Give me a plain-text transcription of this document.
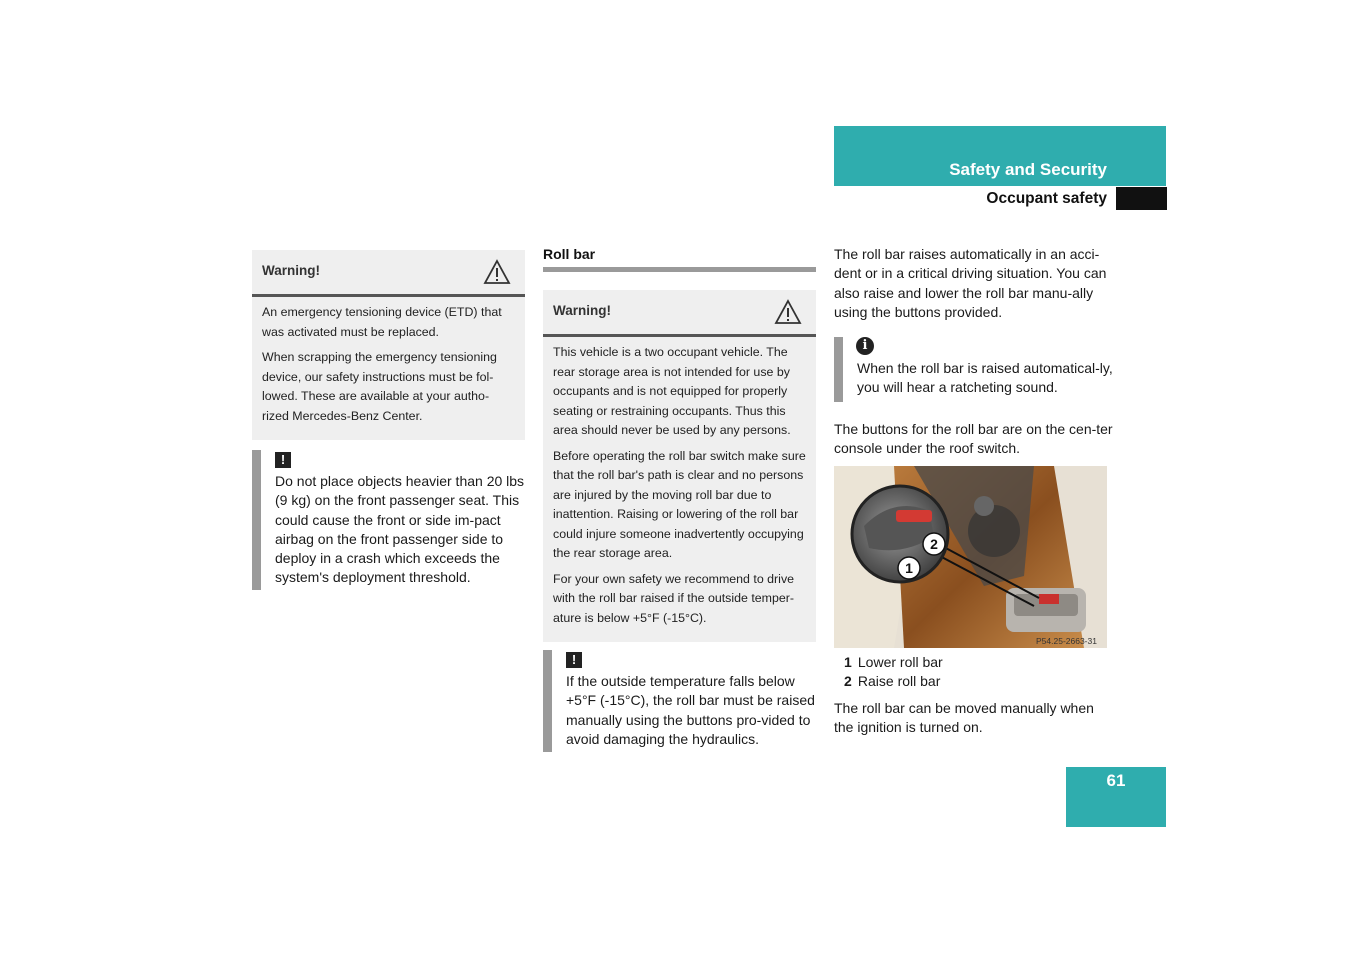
Safety and Security
Occupant safety
Warning!

An emergency tensioning device (ETD) that was activated must be replaced.

When scrapping the emergency tensioning device, our safety instructions must be fol-lowed. These are available at your autho-rized Mercedes-Benz Center.

!
Do not place objects heavier than 20 lbs (9 kg) on the front passenger seat. This could cause the front or side im-pact airbag on the front passenger side to deploy in a crash which exceeds the system's deployment threshold.
Roll bar
Warning!

This vehicle is a two occupant vehicle. The rear storage area is not intended for use by occupants and is not equipped for properly seating or restraining occupants. Thus this area should never be used by any persons.

Before operating the roll bar switch make sure that the roll bar's path is clear and no persons are injured by the moving roll bar due to inattention. Raising or lowering of the roll bar could injure someone inadvertently occupying the rear storage area.

For your own safety we recommend to drive with the roll bar raised if the outside temper-ature is below +5°F (-15°C).

!
If the outside temperature falls below +5°F (-15°C), the roll bar must be raised manually using the buttons pro-vided to avoid damaging the hydraulics.
The roll bar raises automatically in an acci-dent or in a critical driving situation. You can also raise and lower the roll bar manu-ally using the buttons provided.
i
When the roll bar is raised automatical-ly, you will hear a ratcheting sound.
The buttons for the roll bar are on the cen-ter console under the roof switch.
1
2
P54.25-2663-31
1 Lower roll bar
2 Raise roll bar
The roll bar can be moved manually when the ignition is turned on.
61
